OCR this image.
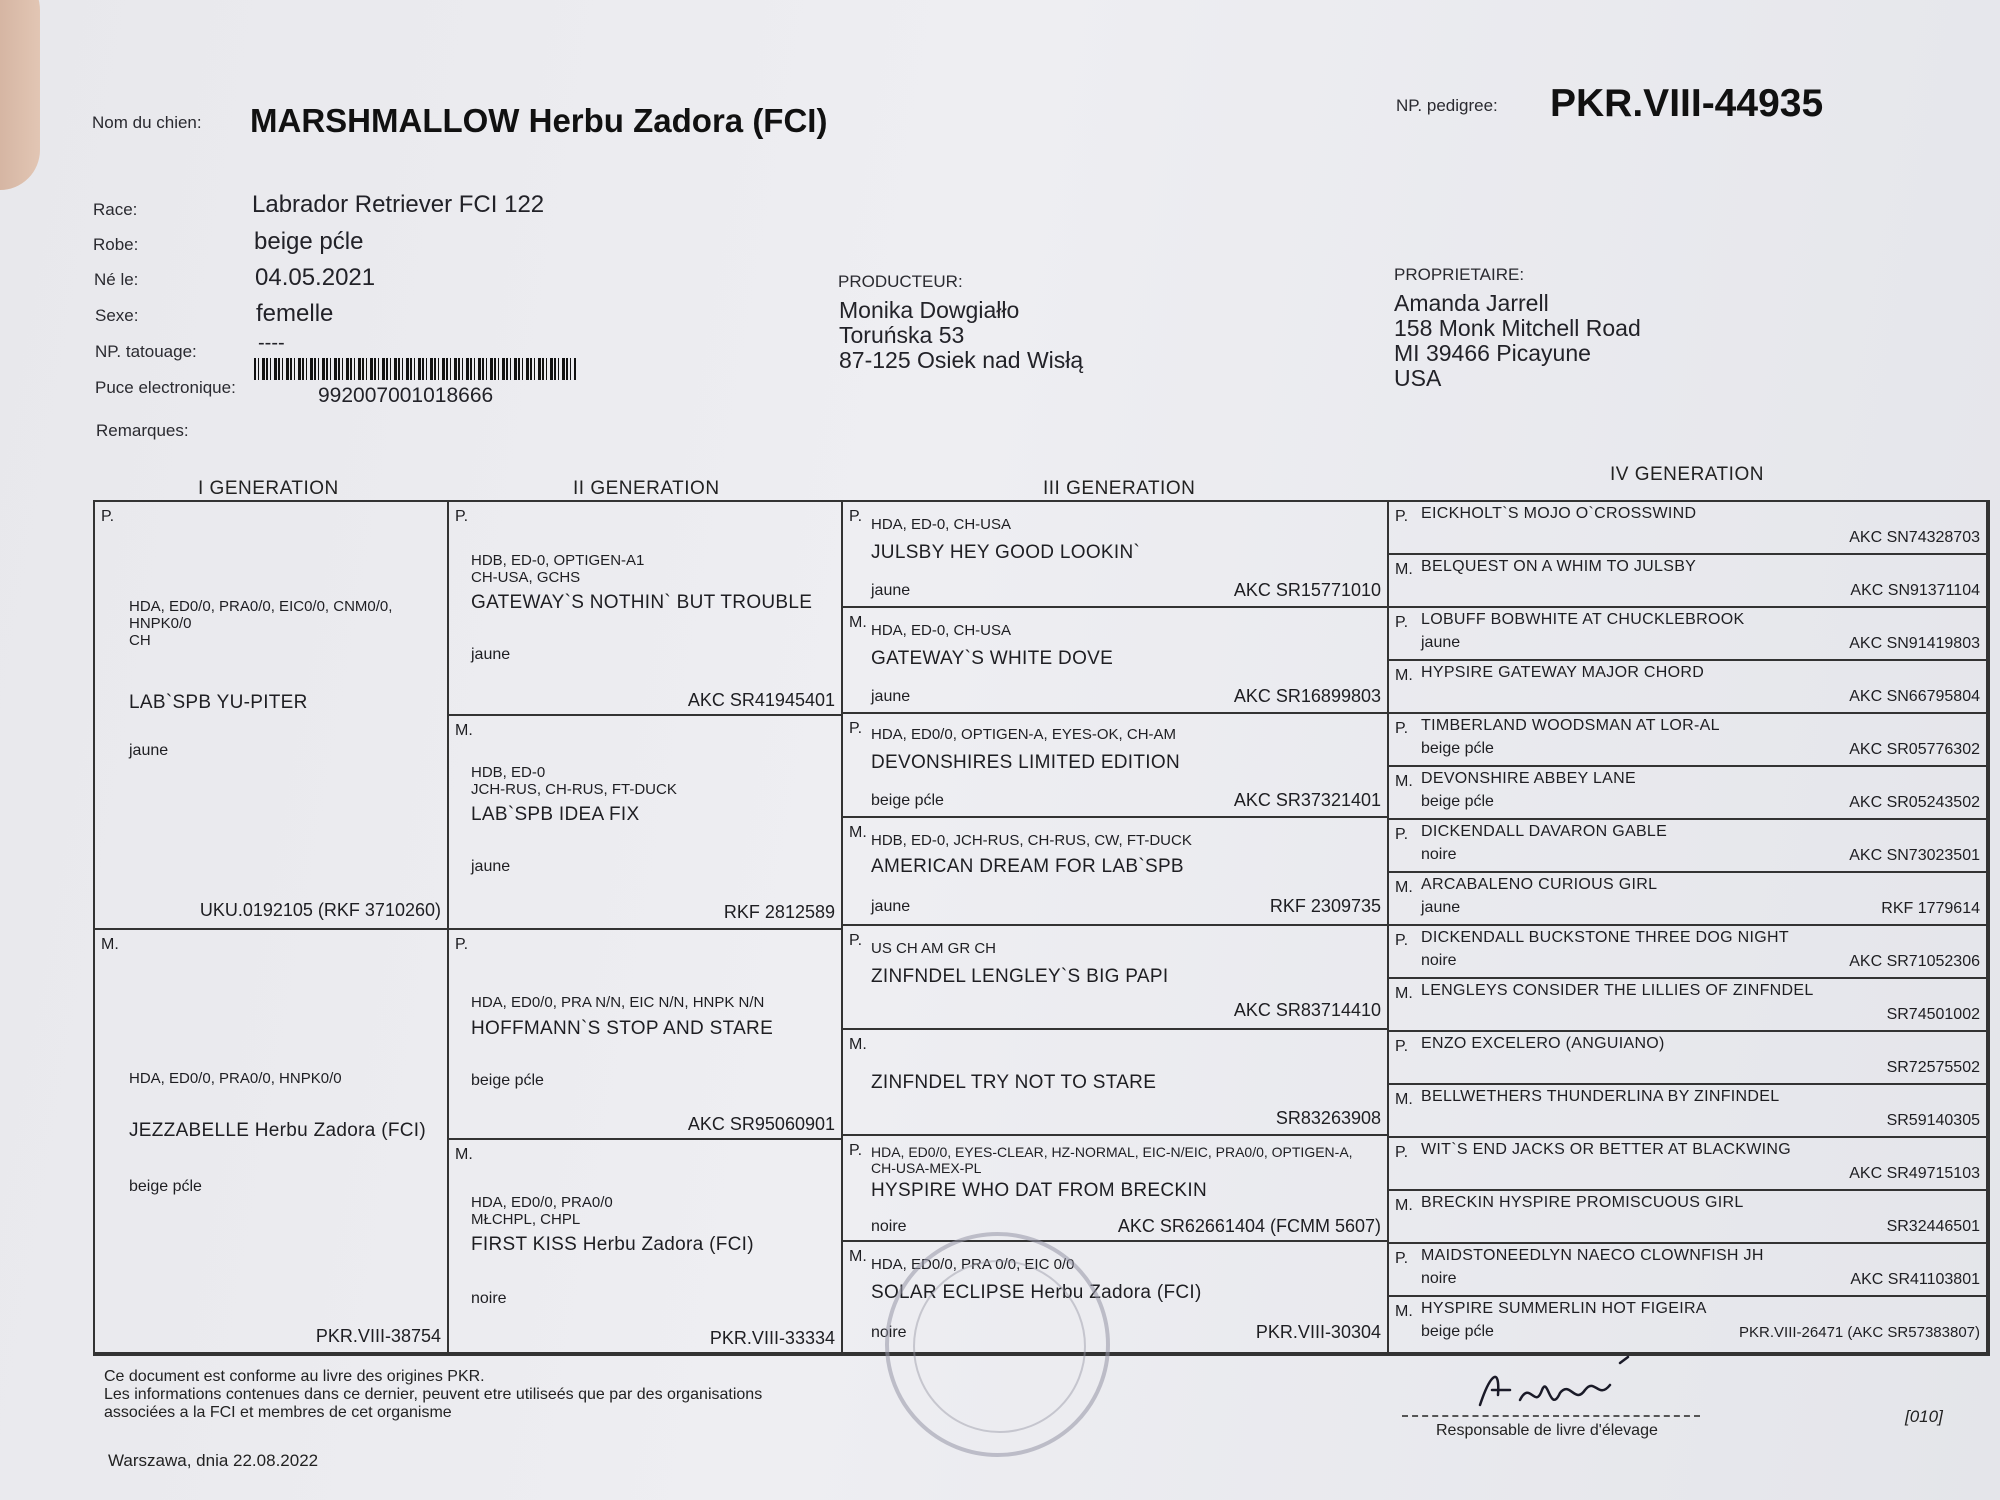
Nom du chien: MARSHMALLOW Herbu Zadora (FCI)	NP. pedigree: PKR.VIII-44935
Race:	Labrador Retriever FCI 122
Robe:	beige pćle
Né le:	04.05.2021
Sexe:	femelle
NP. tatouage:	----
Puce electronique:	992007001018666
Remarques:
PRODUCTEUR:
Monika Dowgiałło
Toruńska 53
87-125 Osiek nad Wisłą
PROPRIETAIRE:
Amanda Jarrell
158 Monk Mitchell Road
MI 39466 Picayune
USA
I GENERATION	II GENERATION	III GENERATION
IV GENERATION
P.
HDA, ED0/0, PRA0/0, EIC0/0, CNM0/0,
HNPK0/0
CH
LAB`SPB YU-PITER
jaune
UKU.0192105 (RKF 3710260)
M.
HDA, ED0/0, PRA0/0, HNPK0/0
JEZZABELLE Herbu Zadora (FCI)
beige pćle
PKR.VIII-38754
P.
HDB, ED-0, OPTIGEN-A1
CH-USA, GCHS
GATEWAY`S NOTHIN` BUT TROUBLE
jaune
AKC SR41945401
M.
HDB, ED-0
JCH-RUS, CH-RUS, FT-DUCK
LAB`SPB IDEA FIX
jaune
RKF 2812589
P.
HDA, ED0/0, PRA N/N, EIC N/N, HNPK N/N
HOFFMANN`S STOP AND STARE
beige pćle
AKC SR95060901
M.
HDA, ED0/0, PRA0/0
MŁCHPL, CHPL
FIRST KISS Herbu Zadora (FCI)
noire
PKR.VIII-33334
P. HDA, ED-0, CH-USA
JULSBY HEY GOOD LOOKIN`
jaune	AKC SR15771010
M. HDA, ED-0, CH-USA
GATEWAY`S WHITE DOVE
jaune	AKC SR16899803
P. HDA, ED0/0, OPTIGEN-A, EYES-OK, CH-AM
DEVONSHIRES LIMITED EDITION
beige pćle	AKC SR37321401
M. HDB, ED-0, JCH-RUS, CH-RUS, CW, FT-DUCK
AMERICAN DREAM FOR LAB`SPB
jaune	RKF 2309735
P. US CH AM GR CH
ZINFNDEL LENGLEY`S BIG PAPI
AKC SR83714410
M.
ZINFNDEL TRY NOT TO STARE
SR83263908
P. HDA, ED0/0, EYES-CLEAR, HZ-NORMAL, EIC-N/EIC, PRA0/0, OPTIGEN-A,
CH-USA-MEX-PL
HYSPIRE WHO DAT FROM BRECKIN
noire	AKC SR62661404 (FCMM 5607)
M. HDA, ED0/0, PRA 0/0, EIC 0/0
SOLAR ECLIPSE Herbu Zadora (FCI)
noire	PKR.VIII-30304
P. EICKHOLT`S MOJO O`CROSSWIND
AKC SN74328703
M. BELQUEST ON A WHIM TO JULSBY
AKC SN91371104
P. LOBUFF BOBWHITE AT CHUCKLEBROOK
jaune	AKC SN91419803
M. HYPSIRE GATEWAY MAJOR CHORD
AKC SN66795804
P. TIMBERLAND WOODSMAN AT LOR-AL
beige pćle	AKC SR05776302
M. DEVONSHIRE ABBEY LANE
beige pćle	AKC SR05243502
P. DICKENDALL DAVARON GABLE
noire	AKC SN73023501
M. ARCABALENO CURIOUS GIRL
jaune	RKF 1779614
P. DICKENDALL BUCKSTONE THREE DOG NIGHT
noire	AKC SR71052306
M. LENGLEYS CONSIDER THE LILLIES OF ZINFNDEL
SR74501002
P. ENZO EXCELERO (ANGUIANO)
SR72575502
M. BELLWETHERS THUNDERLINA BY ZINFINDEL
SR59140305
P. WIT`S END JACKS OR BETTER AT BLACKWING
AKC SR49715103
M. BRECKIN HYSPIRE PROMISCUOUS GIRL
SR32446501
P. MAIDSTONEEDLYN NAECO CLOWNFISH JH
noire	AKC SR41103801
M. HYSPIRE SUMMERLIN HOT FIGEIRA
beige pćle	PKR.VIII-26471 (AKC SR57383807)
Ce document est conforme au livre des origines PKR.
Les informations contenues dans ce dernier, peuvent etre utiliseés que par des organisations
associées a la FCI et membres de cet organisme
Warszawa, dnia 22.08.2022
Responsable de livre d'élevage
[010]
